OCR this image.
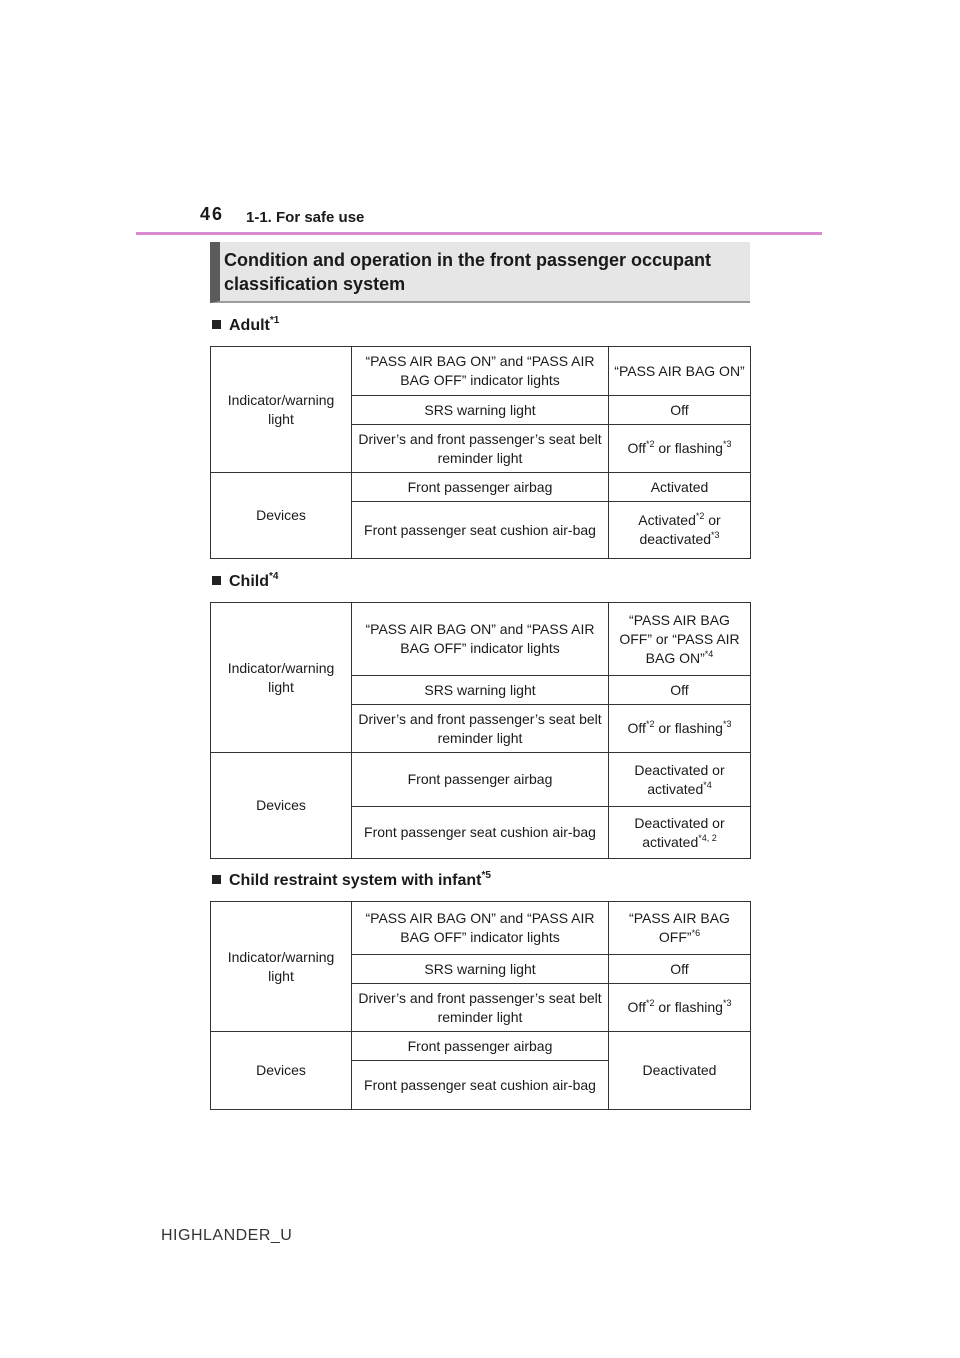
46 1-1. For safe use
Condition and operation in the front passenger occupant
classification system
Adult$^{*1}$
Indicator/warning light	“PASS AIR BAG ON” and “PASS AIR BAG OFF” indicator lights	“PASS AIR BAG ON”
	SRS warning light	Off
	Driver’s and front passenger’s seat belt reminder light	Off$^{*2}$ or flashing$^{*3}$
Devices	Front passenger airbag	Activated
	Front passenger seat cushion air-bag	Activated$^{*2}$ or deactivated$^{*3}$
Child$^{*4}$
Indicator/warning light	“PASS AIR BAG ON” and “PASS AIR BAG OFF” indicator lights	“PASS AIR BAG OFF” or “PASS AIR BAG ON”$^{*4}$
	SRS warning light	Off
	Driver’s and front passenger’s seat belt reminder light	Off$^{*2}$ or flashing$^{*3}$
Devices	Front passenger airbag	Deactivated or activated$^{*4}$
	Front passenger seat cushion air-bag	Deactivated or activated$^{*4, 2}$
Child restraint system with infant$^{*5}$
Indicator/warning light	“PASS AIR BAG ON” and “PASS AIR BAG OFF” indicator lights	“PASS AIR BAG OFF”$^{*6}$
	SRS warning light	Off
	Driver’s and front passenger’s seat belt reminder light	Off$^{*2}$ or flashing$^{*3}$
Devices	Front passenger airbag	Deactivated
	Front passenger seat cushion air-bag	
HIGHLANDER_U
